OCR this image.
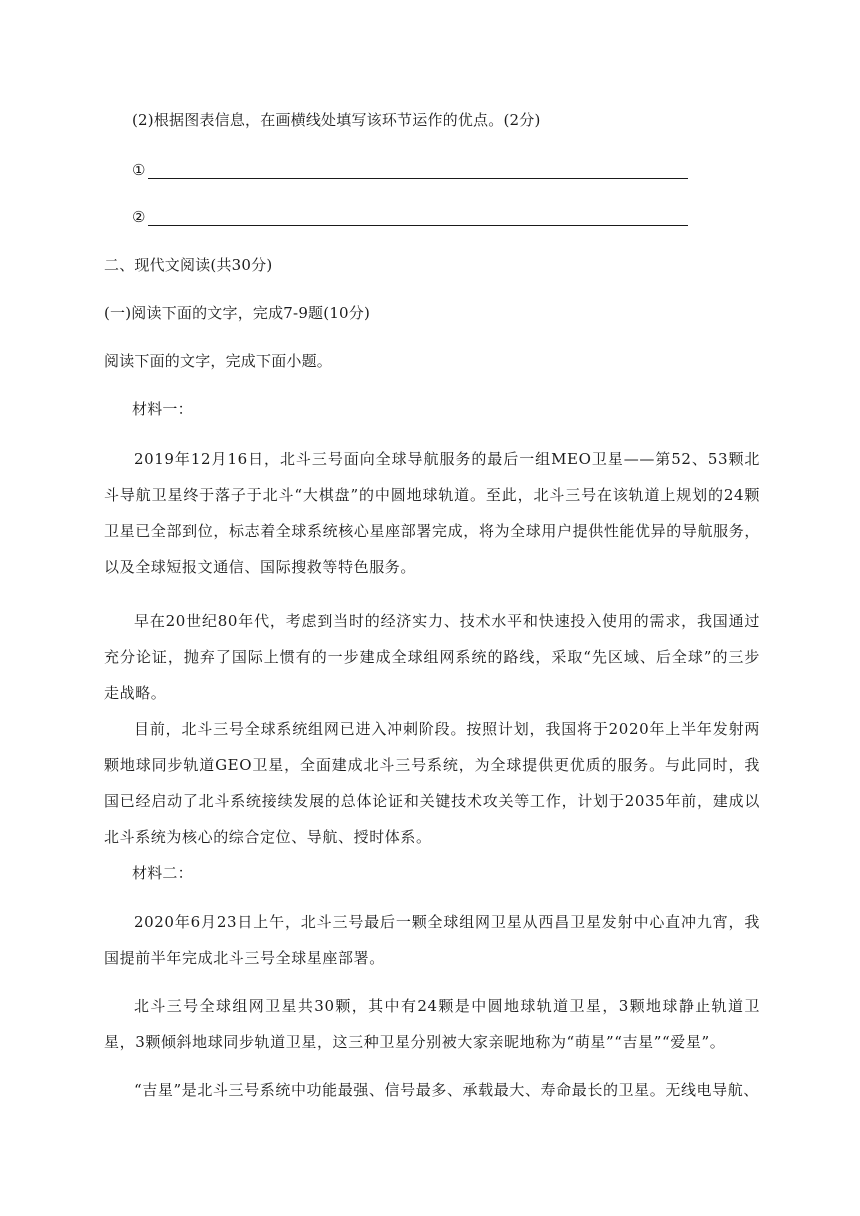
(2)根据图表信息，在画横线处填写该环节运作的优点。(2分)
①
②
二、现代文阅读(共30分)
(一)阅读下面的文字，完成7-9题(10分)
阅读下面的文字，完成下面小题。
材料一：
2019年12月16日，北斗三号面向全球导航服务的最后一组MEO卫星——第52、53颗北斗导航卫星终于落子于北斗“大棋盘”的中圆地球轨道。至此，北斗三号在该轨道上规划的24颗卫星已全部到位，标志着全球系统核心星座部署完成，将为全球用户提供性能优异的导航服务，以及全球短报文通信、国际搜救等特色服务。
早在20世纪80年代，考虑到当时的经济实力、技术水平和快速投入使用的需求，我国通过充分论证，抛弃了国际上惯有的一步建成全球组网系统的路线，采取“先区域、后全球”的三步走战略。
目前，北斗三号全球系统组网已进入冲刺阶段。按照计划，我国将于2020年上半年发射两颗地球同步轨道GEO卫星，全面建成北斗三号系统，为全球提供更优质的服务。与此同时，我国已经启动了北斗系统接续发展的总体论证和关键技术攻关等工作，计划于2035年前，建成以北斗系统为核心的综合定位、导航、授时体系。
材料二：
2020年6月23日上午，北斗三号最后一颗全球组网卫星从西昌卫星发射中心直冲九宵，我国提前半年完成北斗三号全球星座部署。
北斗三号全球组网卫星共30颗，其中有24颗是中圆地球轨道卫星，3颗地球静止轨道卫星，3颗倾斜地球同步轨道卫星，这三种卫星分别被大家亲昵地称为“萌星”“吉星”“爱星”。
“吉星”是北斗三号系统中功能最强、信号最多、承载最大、寿命最长的卫星。无线电导航、
